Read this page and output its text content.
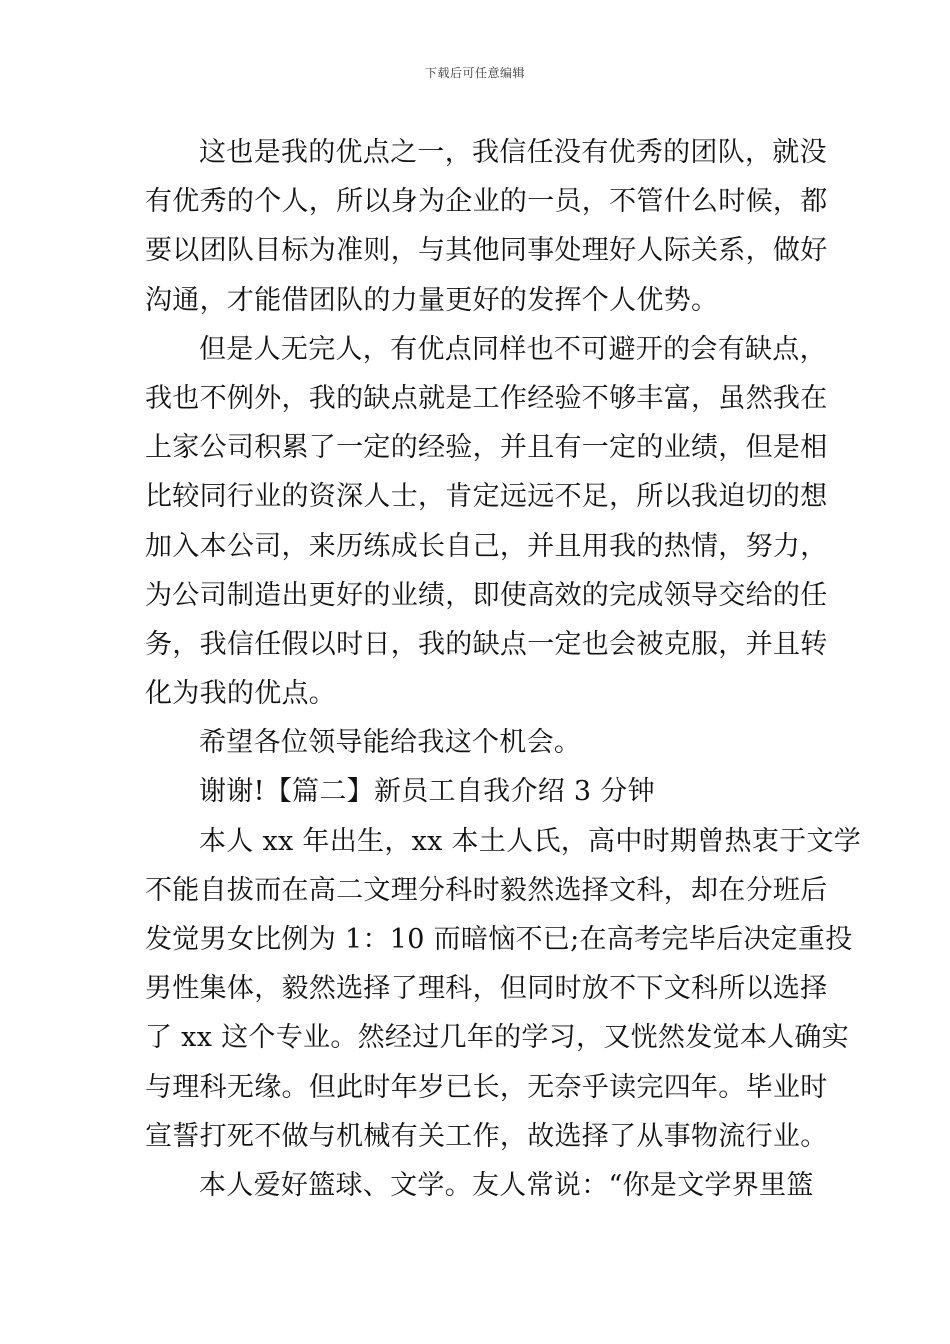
下载后可任意编辑
这也是我的优点之一，我信任没有优秀的团队，就没
有优秀的个人，所以身为企业的一员，不管什么时候，都
要以团队目标为准则，与其他同事处理好人际关系，做好
沟通，才能借团队的力量更好的发挥个人优势。
但是人无完人，有优点同样也不可避开的会有缺点，
我也不例外，我的缺点就是工作经验不够丰富，虽然我在
上家公司积累了一定的经验，并且有一定的业绩，但是相
比较同行业的资深人士，肯定远远不足，所以我迫切的想
加入本公司，来历练成长自己，并且用我的热情，努力，
为公司制造出更好的业绩，即使高效的完成领导交给的任
务，我信任假以时日，我的缺点一定也会被克服，并且转
化为我的优点。
希望各位领导能给我这个机会。
谢谢!【篇二】新员工自我介绍 3 分钟
本人 xx 年出生，xx 本土人氏，高中时期曾热衷于文学
不能自拔而在高二文理分科时毅然选择文科，却在分班后
发觉男女比例为 1：10 而暗恼不已;在高考完毕后决定重投
男性集体，毅然选择了理科，但同时放不下文科所以选择
了 xx 这个专业。然经过几年的学习，又恍然发觉本人确实
与理科无缘。但此时年岁已长，无奈乎读完四年。毕业时
宣誓打死不做与机械有关工作，故选择了从事物流行业。
本人爱好篮球、文学。友人常说：“你是文学界里篮
